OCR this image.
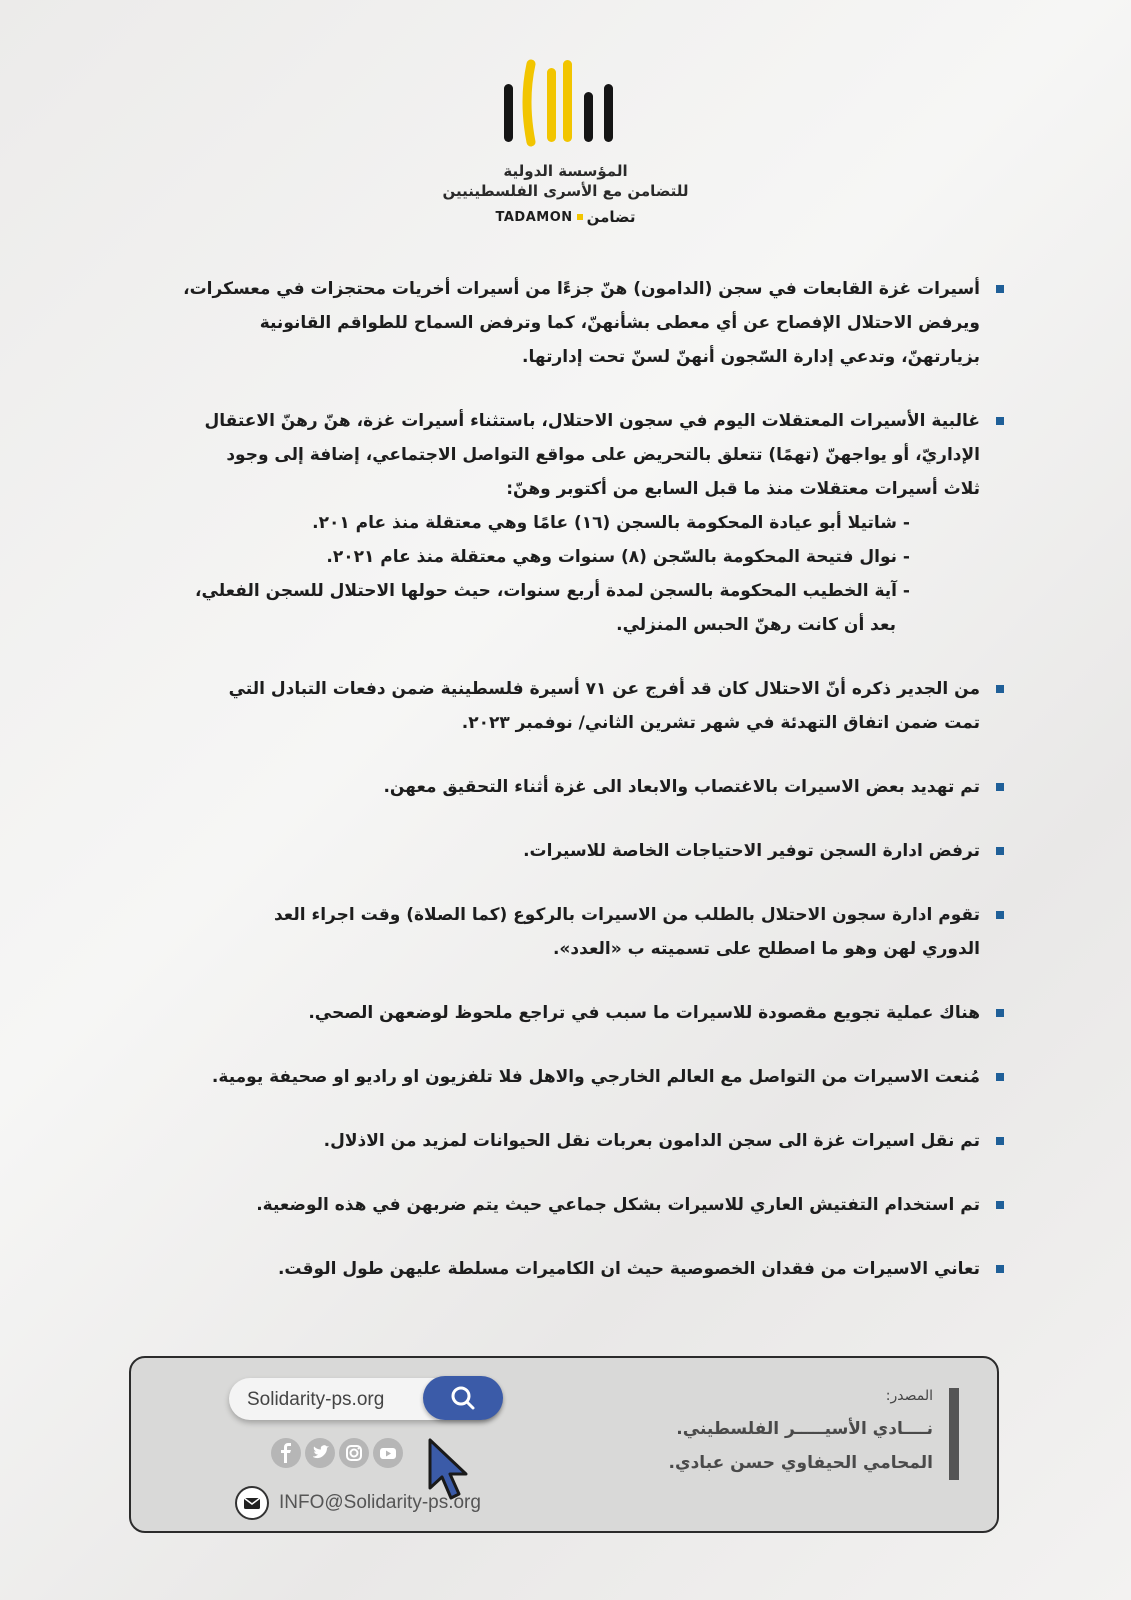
المؤسسة الدولية
للتضامن مع الأسرى الفلسطينيين
TADAMON تضامن
أسيرات غزة القابعات في سجن (الدامون) هنّ جزءًا من أسيرات أخريات محتجزات في معسكرات،
ويرفض الاحتلال الإفصاح عن أي معطى بشأنهنّ، كما وترفض السماح للطواقم القانونية
بزيارتهنّ، وتدعي إدارة السّجون أنهنّ لسنّ تحت إدارتها.
غالبية الأسيرات المعتقلات اليوم في سجون الاحتلال، باستثناء أسيرات غزة، هنّ رهنّ الاعتقال
الإداريّ، أو يواجهنّ (تهمًا) تتعلق بالتحريض على مواقع التواصل الاجتماعي، إضافة إلى وجود
ثلاث أسيرات معتقلات منذ ما قبل السابع من أكتوبر وهنّ:
- شاتيلا أبو عيادة المحكومة بالسجن (١٦) عامًا وهي معتقلة منذ عام ٢٠١.
- نوال فتيحة المحكومة بالسّجن (٨) سنوات وهي معتقلة منذ عام ٢٠٢١.
- آية الخطيب المحكومة بالسجن لمدة أربع سنوات، حيث حولها الاحتلال للسجن الفعلي،
بعد أن كانت رهنّ الحبس المنزلي.
من الجدير ذكره أنّ الاحتلال كان قد أفرج عن ٧١ أسيرة فلسطينية ضمن دفعات التبادل التي
تمت ضمن اتفاق التهدئة في شهر تشرين الثاني/ نوفمبر ٢٠٢٣.
تم تهديد بعض الاسيرات بالاغتصاب والابعاد الى غزة أثناء التحقيق معهن.
ترفض ادارة السجن توفير الاحتياجات الخاصة للاسيرات.
تقوم ادارة سجون الاحتلال بالطلب من الاسيرات بالركوع (كما الصلاة) وقت اجراء العد
الدوري لهن وهو ما اصطلح على تسميته ب «العدد».
هناك عملية تجويع مقصودة للاسيرات ما سبب في تراجع ملحوظ لوضعهن الصحي.
مُنعت الاسيرات من التواصل مع العالم الخارجي والاهل فلا تلفزيون او راديو او صحيفة يومية.
تم نقل اسيرات غزة الى سجن الدامون بعربات نقل الحيوانات لمزيد من الاذلال.
تم استخدام التفتيش العاري للاسيرات بشكل جماعي حيث يتم ضربهن في هذه الوضعية.
تعاني الاسيرات من فقدان الخصوصية حيث ان الكاميرات مسلطة عليهن طول الوقت.
المصدر:
نــــادي الأسيـــــر الفلسطيني.
المحامي الحيفاوي حسن عبادي.
Solidarity-ps.org
INFO@Solidarity-ps.org
